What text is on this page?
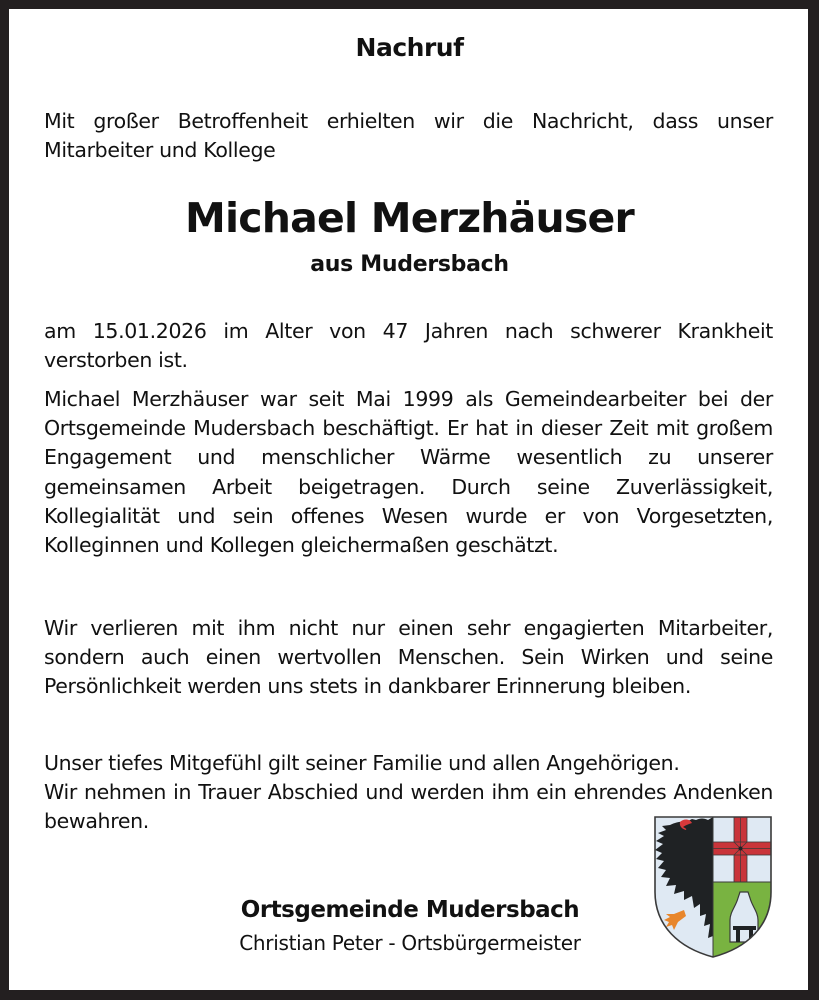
Nachruf
Mit großer Betroffenheit erhielten wir die Nachricht, dass unser Mitarbeiter und Kollege
Michael Merzhäuser
aus Mudersbach
am 15.01.2026 im Alter von 47 Jahren nach schwerer Krankheit verstorben ist.
Michael Merzhäuser war seit Mai 1999 als Gemeindearbeiter bei der Ortsgemeinde Mudersbach beschäftigt. Er hat in dieser Zeit mit großem Engagement und menschlicher Wärme wesentlich zu unserer gemeinsamen Arbeit beigetragen. Durch seine Zuverlässigkeit, Kollegialität und sein offenes Wesen wurde er von Vorgesetzten, Kolleginnen und Kollegen gleichermaßen geschätzt.
Wir verlieren mit ihm nicht nur einen sehr engagierten Mitarbeiter, sondern auch einen wertvollen Menschen. Sein Wirken und seine Persönlichkeit werden uns stets in dankbarer Erinnerung bleiben.
Unser tiefes Mitgefühl gilt seiner Familie und allen Angehörigen.
Wir nehmen in Trauer Abschied und werden ihm ein ehrendes Andenken bewahren.
Ortsgemeinde Mudersbach
Christian Peter - Ortsbürgermeister
